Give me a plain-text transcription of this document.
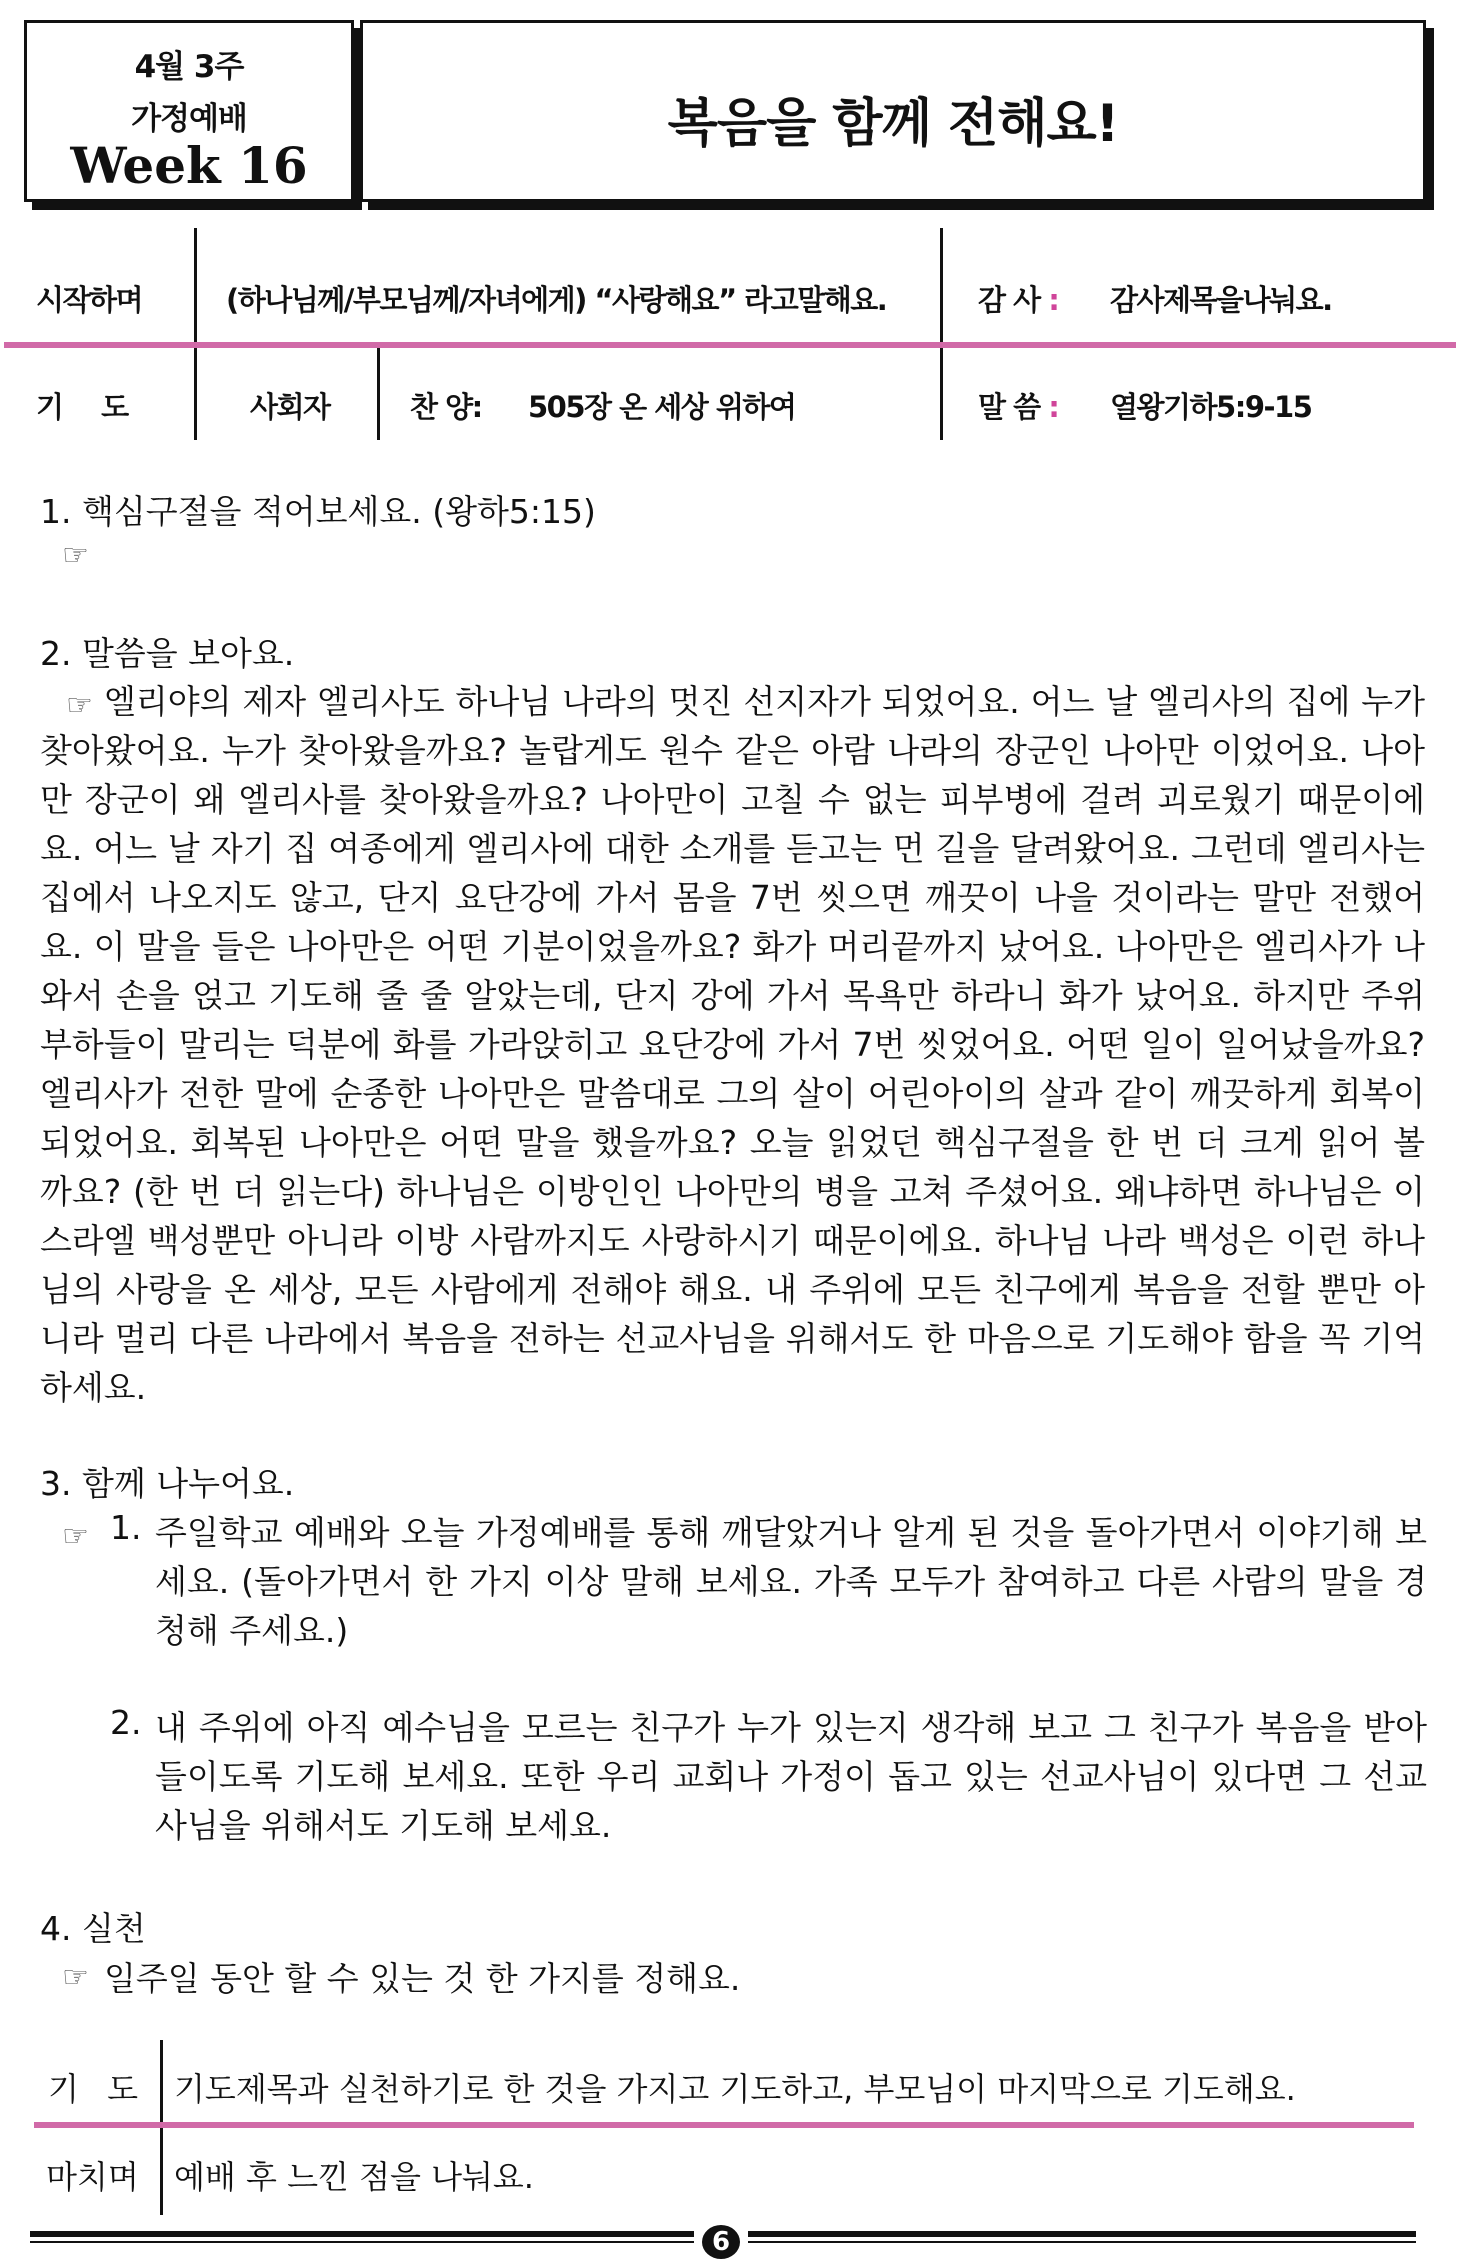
4월 3주
가정예배
Week 16
복음을 함께 전해요!
시작하며	(하나님께/부모님께/자녀에게) “사랑해요” 라고말해요.	감 사 : 감사제목을나눠요.
기 도	사회자	찬 양: 505장 온 세상 위하여	말 씀 : 열왕기하5:9-15
1. 핵심구절을 적어보세요. (왕하5:15)
☞
2. 말씀을 보아요.
☞ 엘리야의 제자 엘리사도 하나님 나라의 멋진 선지자가 되었어요. 어느 날 엘리사의 집에 누가 찾아왔어요. 누가 찾아왔을까요? 놀랍게도 원수 같은 아람 나라의 장군인 나아만 이었어요. 나아만 장군이 왜 엘리사를 찾아왔을까요? 나아만이 고칠 수 없는 피부병에 걸려 괴로웠기 때문이에요. 어느 날 자기 집 여종에게 엘리사에 대한 소개를 듣고는 먼 길을 달려왔어요. 그런데 엘리사는 집에서 나오지도 않고, 단지 요단강에 가서 몸을 7번 씻으면 깨끗이 나을 것이라는 말만 전했어요. 이 말을 들은 나아만은 어떤 기분이었을까요? 화가 머리끝까지 났어요. 나아만은 엘리사가 나와서 손을 얹고 기도해 줄 줄 알았는데, 단지 강에 가서 목욕만 하라니 화가 났어요. 하지만 주위 부하들이 말리는 덕분에 화를 가라앉히고 요단강에 가서 7번 씻었어요. 어떤 일이 일어났을까요? 엘리사가 전한 말에 순종한 나아만은 말씀대로 그의 살이 어린아이의 살과 같이 깨끗하게 회복이 되었어요. 회복된 나아만은 어떤 말을 했을까요? 오늘 읽었던 핵심구절을 한 번 더 크게 읽어 볼까요? (한 번 더 읽는다) 하나님은 이방인인 나아만의 병을 고쳐 주셨어요. 왜냐하면 하나님은 이스라엘 백성뿐만 아니라 이방 사람까지도 사랑하시기 때문이에요. 하나님 나라 백성은 이런 하나님의 사랑을 온 세상, 모든 사람에게 전해야 해요. 내 주위에 모든 친구에게 복음을 전할 뿐만 아니라 멀리 다른 나라에서 복음을 전하는 선교사님을 위해서도 한 마음으로 기도해야 함을 꼭 기억하세요.
3. 함께 나누어요.
☞ 1. 주일학교 예배와 오늘 가정예배를 통해 깨달았거나 알게 된 것을 돌아가면서 이야기해 보세요. (돌아가면서 한 가지 이상 말해 보세요. 가족 모두가 참여하고 다른 사람의 말을 경청해 주세요.)
2. 내 주위에 아직 예수님을 모르는 친구가 누가 있는지 생각해 보고 그 친구가 복음을 받아들이도록 기도해 보세요. 또한 우리 교회나 가정이 돕고 있는 선교사님이 있다면 그 선교사님을 위해서도 기도해 보세요.
4. 실천
☞ 일주일 동안 할 수 있는 것 한 가지를 정해요.
기 도 기도제목과 실천하기로 한 것을 가지고 기도하고, 부모님이 마지막으로 기도해요.
마치며 예배 후 느낀 점을 나눠요.
6
